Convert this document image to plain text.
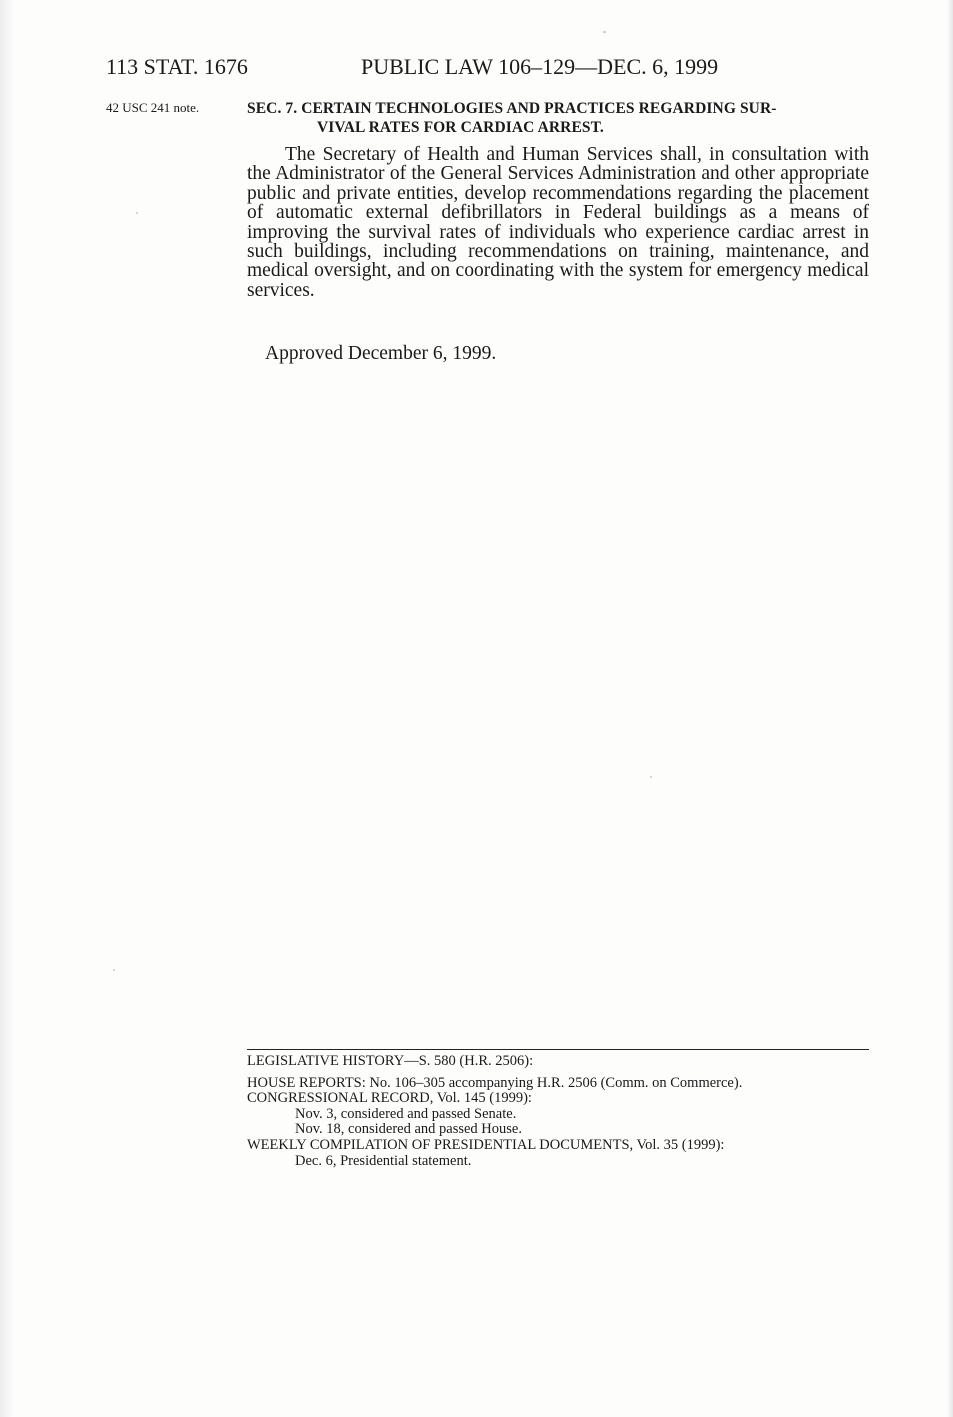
113 STAT. 1676	PUBLIC LAW 106–129—DEC. 6, 1999
42 USC 241 note.	SEC. 7. CERTAIN TECHNOLOGIES AND PRACTICES REGARDING SUR-
VIVAL RATES FOR CARDIAC ARREST.

The Secretary of Health and Human Services shall, in consultation with the Administrator of the General Services Administration and other appropriate public and private entities, develop recommendations regarding the placement of automatic external defibrillators in Federal buildings as a means of improving the survival rates of individuals who experience cardiac arrest in such buildings, including recommendations on training, maintenance, and medical oversight, and on coordinating with the system for emergency medical services.

Approved December 6, 1999.
LEGISLATIVE HISTORY—S. 580 (H.R. 2506):
HOUSE REPORTS: No. 106–305 accompanying H.R. 2506 (Comm. on Commerce).
CONGRESSIONAL RECORD, Vol. 145 (1999):
Nov. 3, considered and passed Senate.
Nov. 18, considered and passed House.
WEEKLY COMPILATION OF PRESIDENTIAL DOCUMENTS, Vol. 35 (1999):
Dec. 6, Presidential statement.
